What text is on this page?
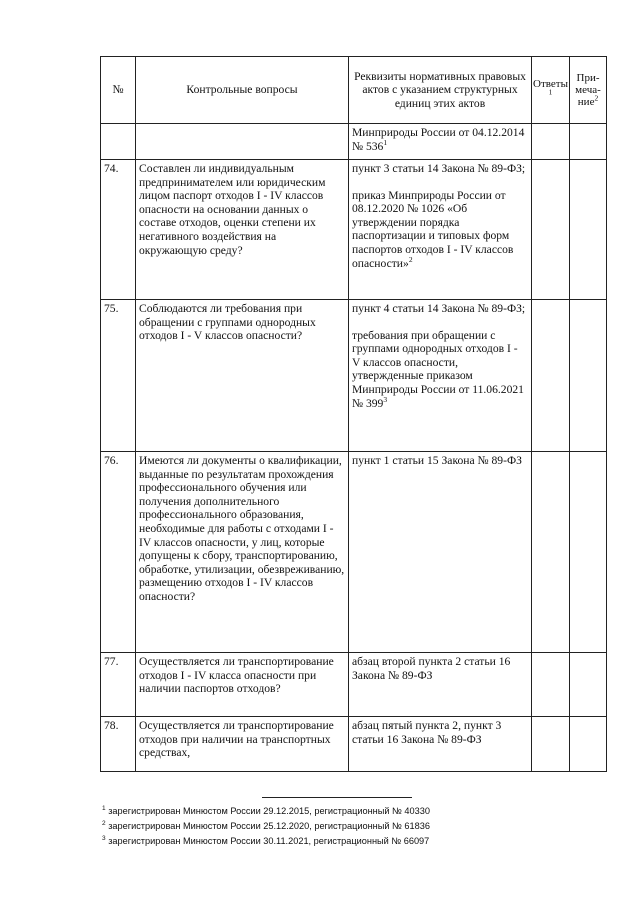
№	Контрольные вопросы	Реквизиты нормативных правовых актов с указанием структурных единиц этих актов	Ответы$^1$	При-меча-ние$^2$
		Минприроды России от 04.12.2014 № $536^1$		
74.	Составлен ли индивидуальным предпринимателем или юридическим лицом паспорт отходов I - IV классов опасности на основании данных о составе отходов, оценки степени их негативного воздействия на окружающую среду?	пункт 3 статьи 14 Закона № 89-ФЗ;
приказ Минприроды России от 08.12.2020 № 1026 «Об утверждении порядка паспортизации и типовых форм паспортов отходов I - IV классов опасности»$^2$		
75.	Соблюдаются ли требования при обращении с группами однородных отходов I - V классов опасности?	пункт 4 статьи 14 Закона № 89-ФЗ;
требования при обращении с группами однородных отходов I - V классов опасности, утвержденные приказом Минприроды России от 11.06.2021 № $399^3$		
76.	Имеются ли документы о квалификации, выданные по результатам прохождения профессионального обучения или получения дополнительного профессионального образования, необходимые для работы с отходами I - IV классов опасности, у лиц, которые допущены к сбору, транспортированию, обработке, утилизации, обезвреживанию, размещению отходов I - IV классов опасности?	пункт 1 статьи 15 Закона № 89-ФЗ		
77.	Осуществляется ли транспортирование отходов I - IV класса опасности при наличии паспортов отходов?	абзац второй пункта 2 статьи 16 Закона № 89-ФЗ		
78.	Осуществляется ли транспортирование отходов при наличии на транспортных средствах,	абзац пятый пункта 2, пункт 3 статьи 16 Закона № 89-ФЗ		
$^1$ зарегистрирован Минюстом России 29.12.2015, регистрационный № 40330
$^2$ зарегистрирован Минюстом России 25.12.2020, регистрационный № 61836
$^3$ зарегистрирован Минюстом России 30.11.2021, регистрационный № 66097
